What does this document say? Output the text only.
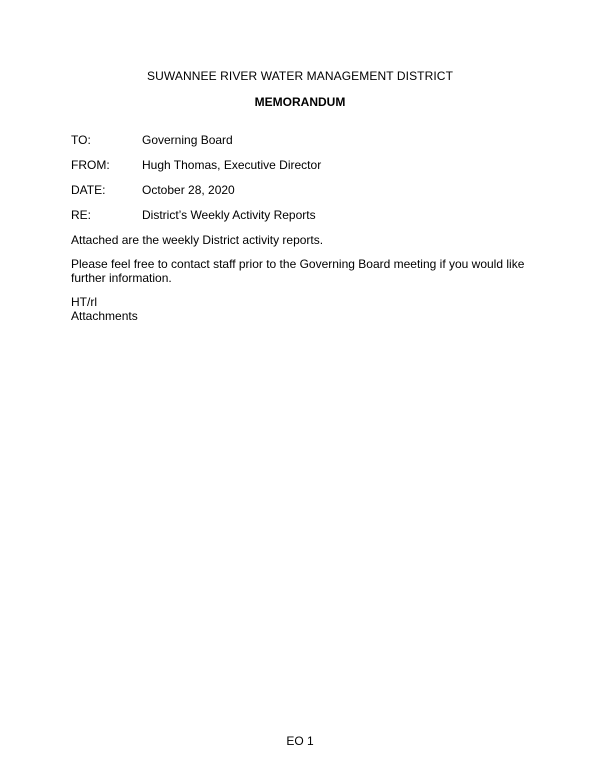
SUWANNEE RIVER WATER MANAGEMENT DISTRICT
MEMORANDUM
TO:	Governing Board
FROM:	Hugh Thomas, Executive Director
DATE:	October 28, 2020
RE:	District’s Weekly Activity Reports
Attached are the weekly District activity reports.
Please feel free to contact staff prior to the Governing Board meeting if you would like further information.
HT/rl
Attachments
EO 1
